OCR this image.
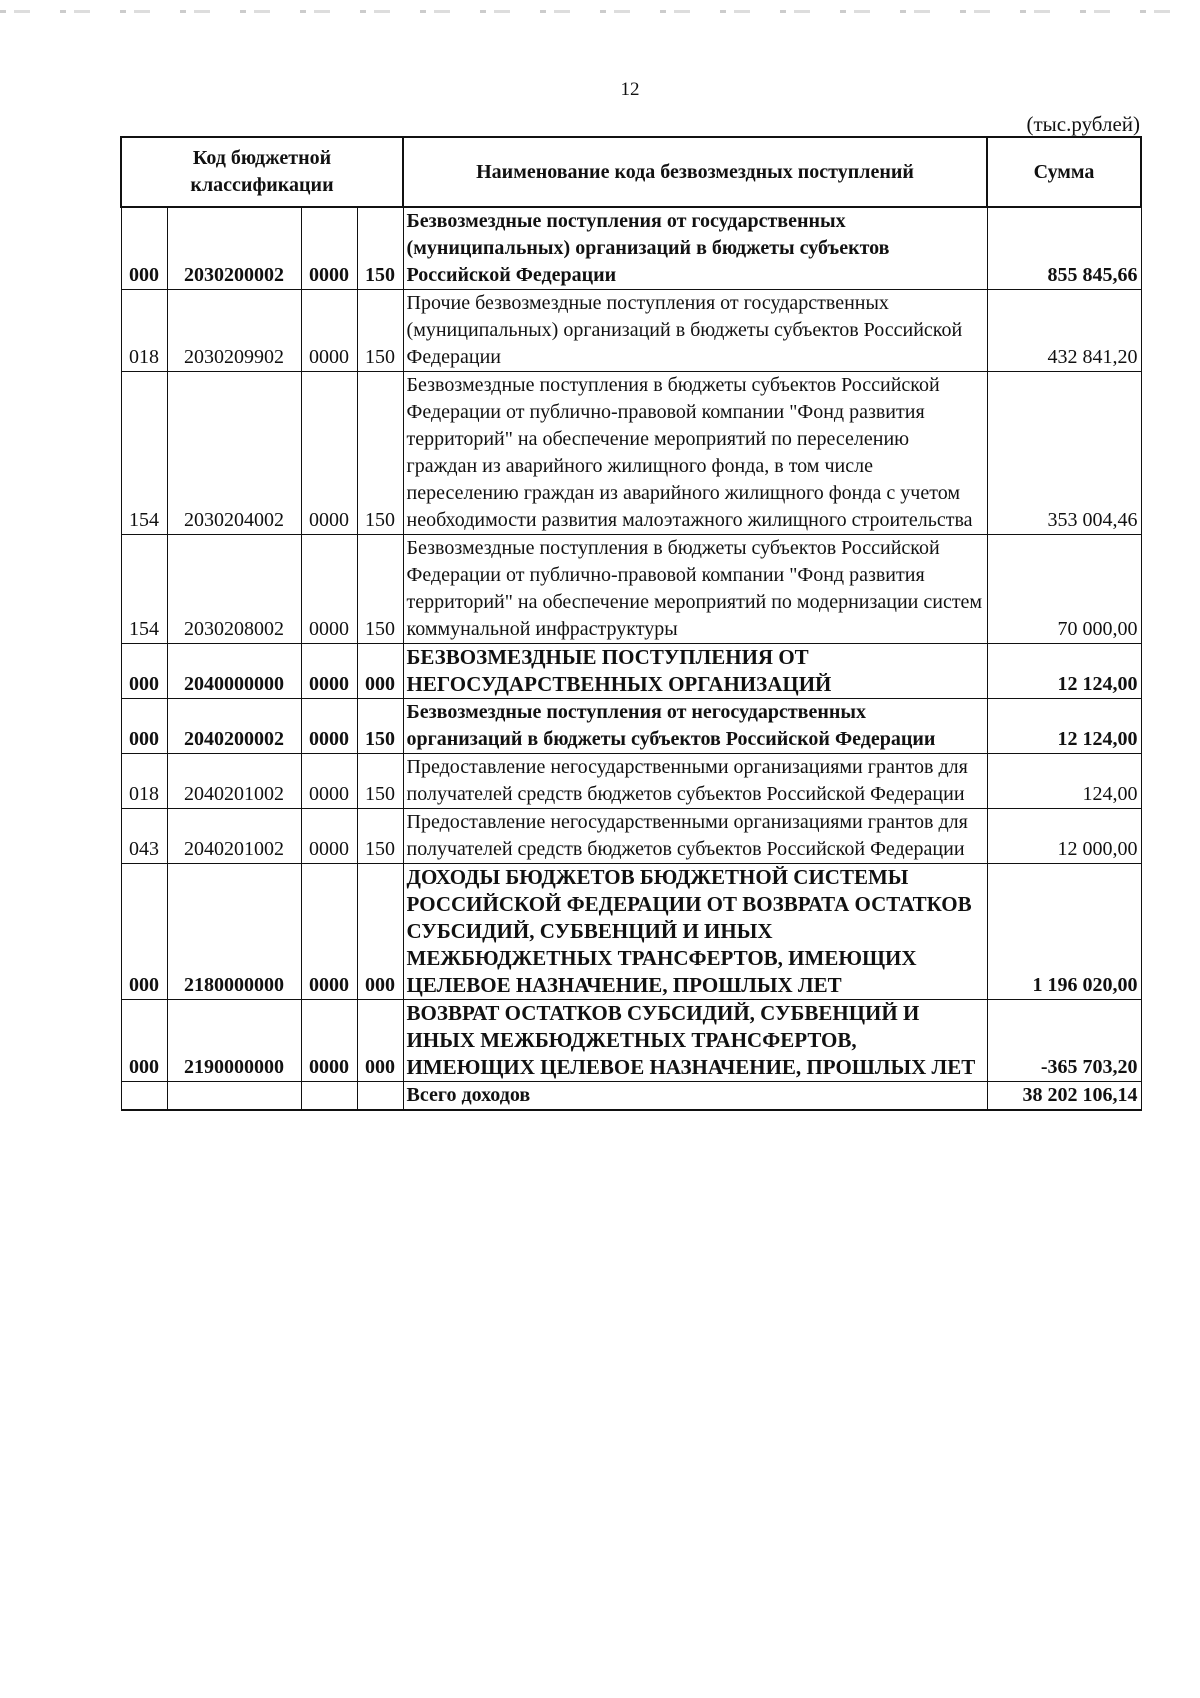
12
(тыс.рублей)
Код бюджетной классификации				Наименование кода безвозмездных поступлений	Сумма
000	2030200002	0000	150	Безвозмездные поступления от государственных (муниципальных) организаций в бюджеты субъектов Российской Федерации	855 845,66
018	2030209902	0000	150	Прочие безвозмездные поступления от государственных (муниципальных) организаций в бюджеты субъектов Российской Федерации	432 841,20
154	2030204002	0000	150	Безвозмездные поступления в бюджеты субъектов Российской Федерации от публично-правовой компании "Фонд развития территорий" на обеспечение мероприятий по переселению граждан из аварийного жилищного фонда, в том числе переселению граждан из аварийного жилищного фонда с учетом необходимости развития малоэтажного жилищного строительства	353 004,46
154	2030208002	0000	150	Безвозмездные поступления в бюджеты субъектов Российской Федерации от публично-правовой компании "Фонд развития территорий" на обеспечение мероприятий по модернизации систем коммунальной инфраструктуры	70 000,00
000	2040000000	0000	000	БЕЗВОЗМЕЗДНЫЕ ПОСТУПЛЕНИЯ ОТ НЕГОСУДАРСТВЕННЫХ ОРГАНИЗАЦИЙ	12 124,00
000	2040200002	0000	150	Безвозмездные поступления от негосударственных организаций в бюджеты субъектов Российской Федерации	12 124,00
018	2040201002	0000	150	Предоставление негосударственными организациями грантов для получателей средств бюджетов субъектов Российской Федерации	124,00
043	2040201002	0000	150	Предоставление негосударственными организациями грантов для получателей средств бюджетов субъектов Российской Федерации	12 000,00
000	2180000000	0000	000	ДОХОДЫ БЮДЖЕТОВ БЮДЖЕТНОЙ СИСТЕМЫ РОССИЙСКОЙ ФЕДЕРАЦИИ ОТ ВОЗВРАТА ОСТАТКОВ СУБСИДИЙ, СУБВЕНЦИЙ И ИНЫХ МЕЖБЮДЖЕТНЫХ ТРАНСФЕРТОВ, ИМЕЮЩИХ ЦЕЛЕВОЕ НАЗНАЧЕНИЕ, ПРОШЛЫХ ЛЕТ	1 196 020,00
000	2190000000	0000	000	ВОЗВРАТ ОСТАТКОВ СУБСИДИЙ, СУБВЕНЦИЙ И ИНЫХ МЕЖБЮДЖЕТНЫХ ТРАНСФЕРТОВ, ИМЕЮЩИХ ЦЕЛЕВОЕ НАЗНАЧЕНИЕ, ПРОШЛЫХ ЛЕТ	-365 703,20
				Всего доходов	38 202 106,14
